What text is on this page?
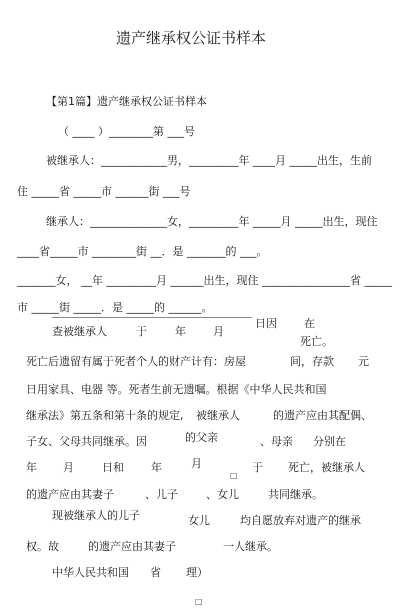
遗产继承权公证书样本
【第1篇】遗产继承权公证书样本
（ ____ ）________第 ___号
被继承人：____________男，_________年 ____月 _____出生，生前
住 _____省 _____市 ______街 ___号
继承人：______________女，_________年 _____月 _____出生，现住
____省_____市 ________街 __．是 _______的 ___。
_______女， __年 _________月 ______出生，现住 ________________省 _____
市 _____街 _____．是 _____的 ______。
查被继承人	于	年 月
日因 在
死亡。
死亡后遗留有属于死者个人的财产计有：房屋	间，存款 元
日用家具、电器 等。死者生前无遗嘱。根据《中华人民共和国
继承法》第五条和第十条的规定, 被继承人	的遗产应由其配偶、
子女、父母共同继承。因	的父亲	、母亲 分别在
年 月	日和 年	月
□
于 死亡，被继承人
的遗产应由其妻子	、儿子	、女儿	共同继承。
现被继承人的儿子	女儿	均自愿放弃对遗产的继承
权。故	的遗产应由其妻子	一人继承。
中华人民共和国 省 理）
□
